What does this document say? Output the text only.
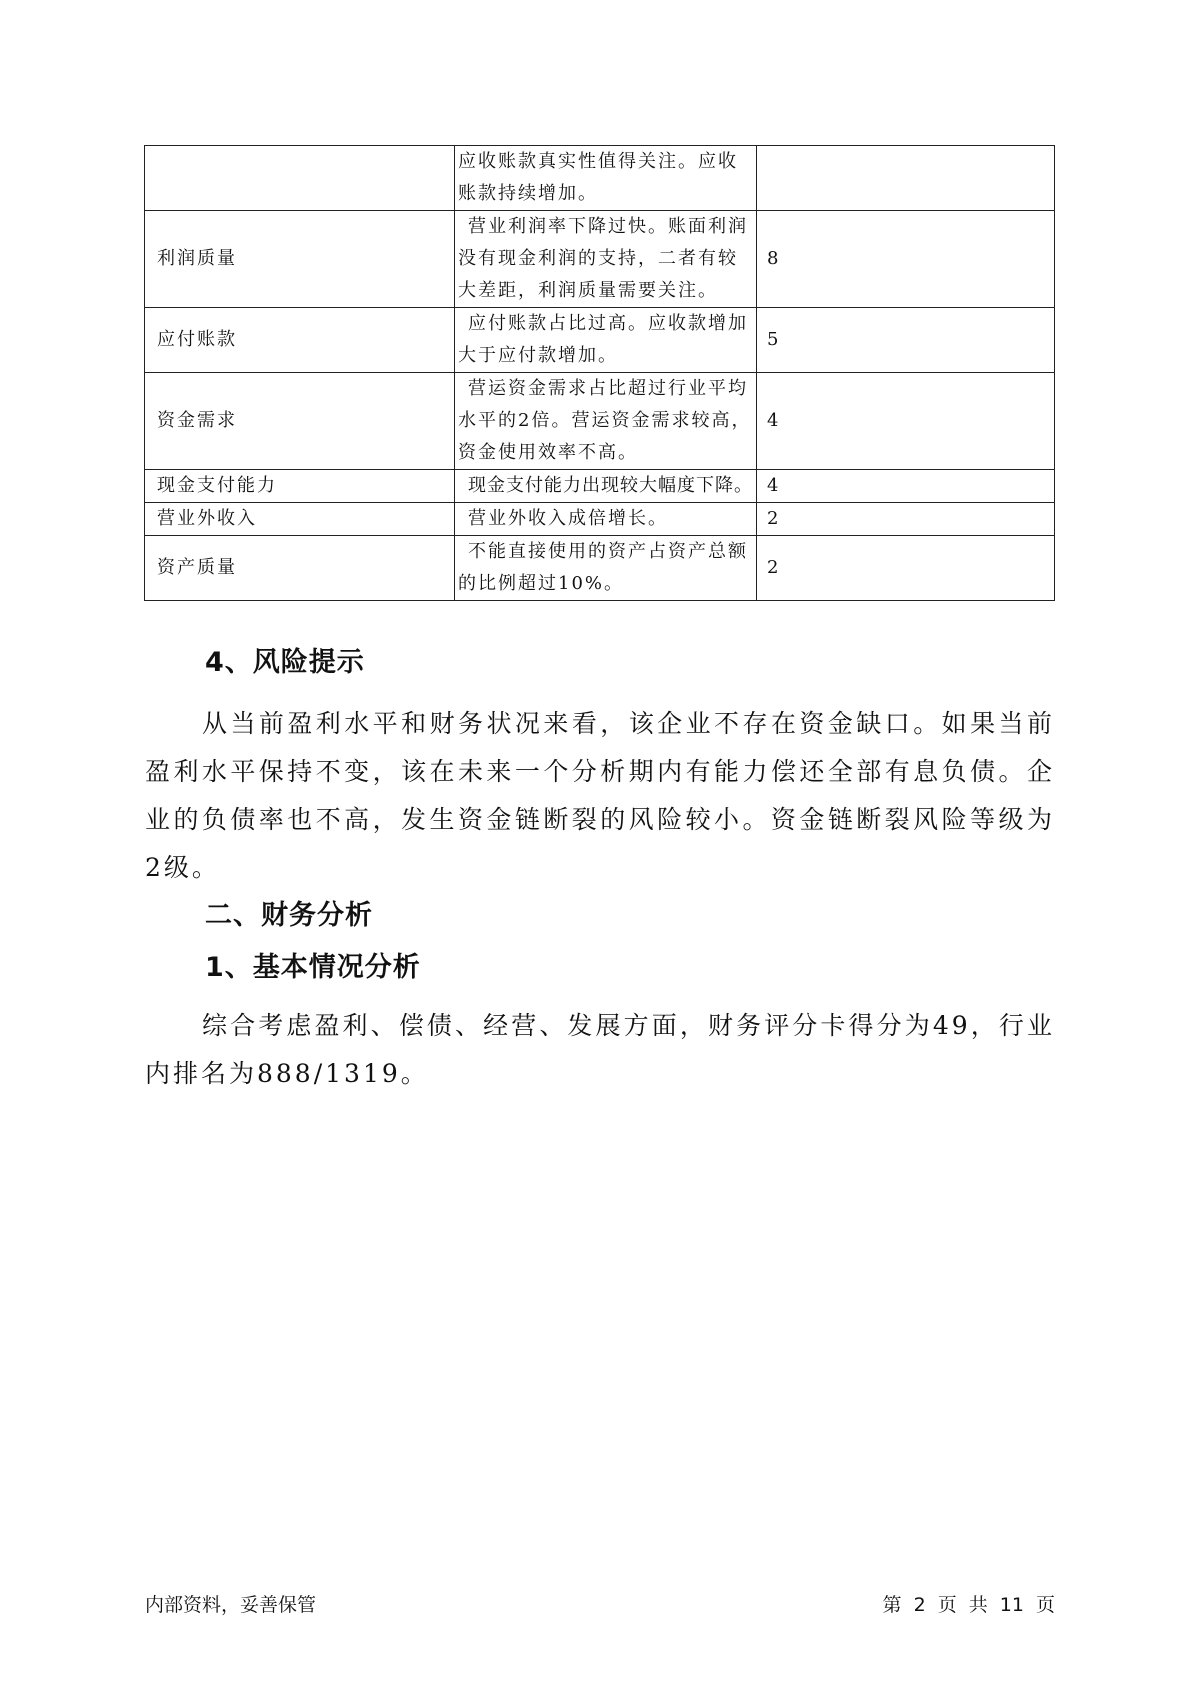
	应收账款真实性值得关注。应收账款持续增加。	
利润质量	营业利润率下降过快。账面利润没有现金利润的支持，二者有较大差距，利润质量需要关注。	8
应付账款	应付账款占比过高。应收款增加大于应付款增加。	5
资金需求	营运资金需求占比超过行业平均水平的2倍。营运资金需求较高，资金使用效率不高。	4
现金支付能力	现金支付能力出现较大幅度下降。	4
营业外收入	营业外收入成倍增长。	2
资产质量	不能直接使用的资产占资产总额的比例超过10%。	2
4、风险提示
从当前盈利水平和财务状况来看，该企业不存在资金缺口。如果当前盈利水平保持不变，该在未来一个分析期内有能力偿还全部有息负债。企业的负债率也不高，发生资金链断裂的风险较小。资金链断裂风险等级为2级。
二、财务分析
1、基本情况分析
综合考虑盈利、偿债、经营、发展方面，财务评分卡得分为49，行业内排名为888/1319。
内部资料，妥善保管	第 2 页 共 11 页
